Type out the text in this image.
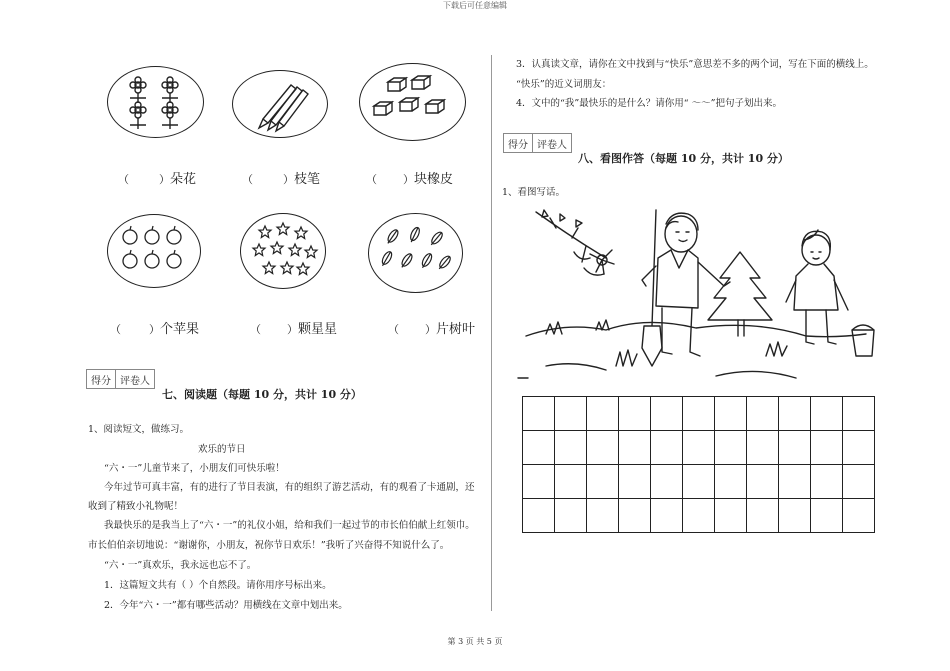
下载后可任意编辑
（	）朵花	（	）枝笔	（ ）块橡皮
（	）个苹果	（ ）颗星星	（ ）片树叶
得分 评卷人
七、阅读题（每题 10 分，共计 10 分）
1、阅读短文，做练习。
欢乐的节日
“六・一”儿童节来了，小朋友们可快乐啦！
今年过节可真丰富，有的进行了节目表演，有的组织了游艺活动，有的观看了卡通剧，还
收到了精致小礼物呢！
我最快乐的是我当上了“六・一”的礼仪小姐，给和我们一起过节的市长伯伯献上红领巾。
市长伯伯亲切地说：“谢谢你，小朋友，祝你节日欢乐！”我听了兴奋得不知说什么了。
“六・一”真欢乐，我永远也忘不了。
1．这篇短文共有（ ）个自然段。请你用序号标出来。
2．今年“六・一”都有哪些活动？用横线在文章中划出来。
3．认真读文章，请你在文中找到与“快乐”意思差不多的两个词，写在下面的横线上。
“快乐”的近义词朋友：
4．文中的“我”最快乐的是什么？请你用“ ～～”把句子划出来。
得分 评卷人
八、看图作答（每题 10 分，共计 10 分）
1、看图写话。
第 3 页 共 5 页
